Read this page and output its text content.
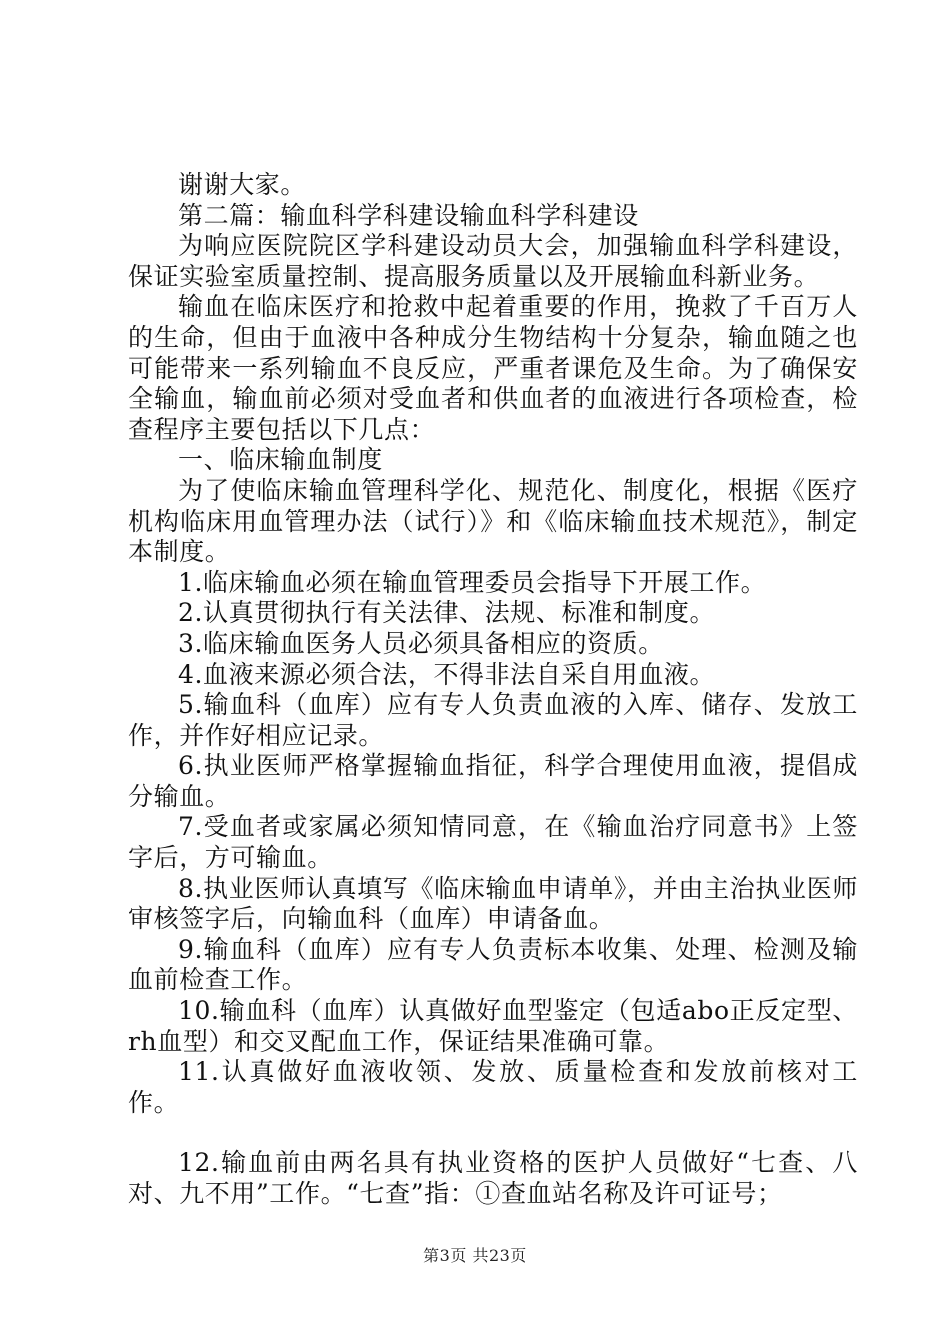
谢谢大家。

第二篇：输血科学科建设输血科学科建设

为响应医院院区学科建设动员大会，加强输血科学科建设，保证实验室质量控制、提高服务质量以及开展输血科新业务。

输血在临床医疗和抢救中起着重要的作用，挽救了千百万人的生命，但由于血液中各种成分生物结构十分复杂，输血随之也可能带来一系列输血不良反应，严重者课危及生命。为了确保安全输血，输血前必须对受血者和供血者的血液进行各项检查，检查程序主要包括以下几点：

一、临床输血制度

为了使临床输血管理科学化、规范化、制度化，根据《医疗机构临床用血管理办法（试行）》和《临床输血技术规范》，制定本制度。

1.临床输血必须在输血管理委员会指导下开展工作。

2.认真贯彻执行有关法律、法规、标准和制度。

3.临床输血医务人员必须具备相应的资质。

4.血液来源必须合法，不得非法自采自用血液。

5.输血科（血库）应有专人负责血液的入库、储存、发放工作，并作好相应记录。

6.执业医师严格掌握输血指征，科学合理使用血液，提倡成分输血。

7.受血者或家属必须知情同意，在《输血治疗同意书》上签字后，方可输血。

8.执业医师认真填写《临床输血申请单》，并由主治执业医师审核签字后，向输血科（血库）申请备血。

9.输血科（血库）应有专人负责标本收集、处理、检测及输血前检查工作。

10.输血科（血库）认真做好血型鉴定（包适abo正反定型、rh血型）和交叉配血工作，保证结果准确可靠。

11.认真做好血液收领、发放、质量检查和发放前核对工作。

12.输血前由两名具有执业资格的医护人员做好“七查、八对、九不用”工作。“七查”指：①查血站名称及许可证号；

第3页 共23页
